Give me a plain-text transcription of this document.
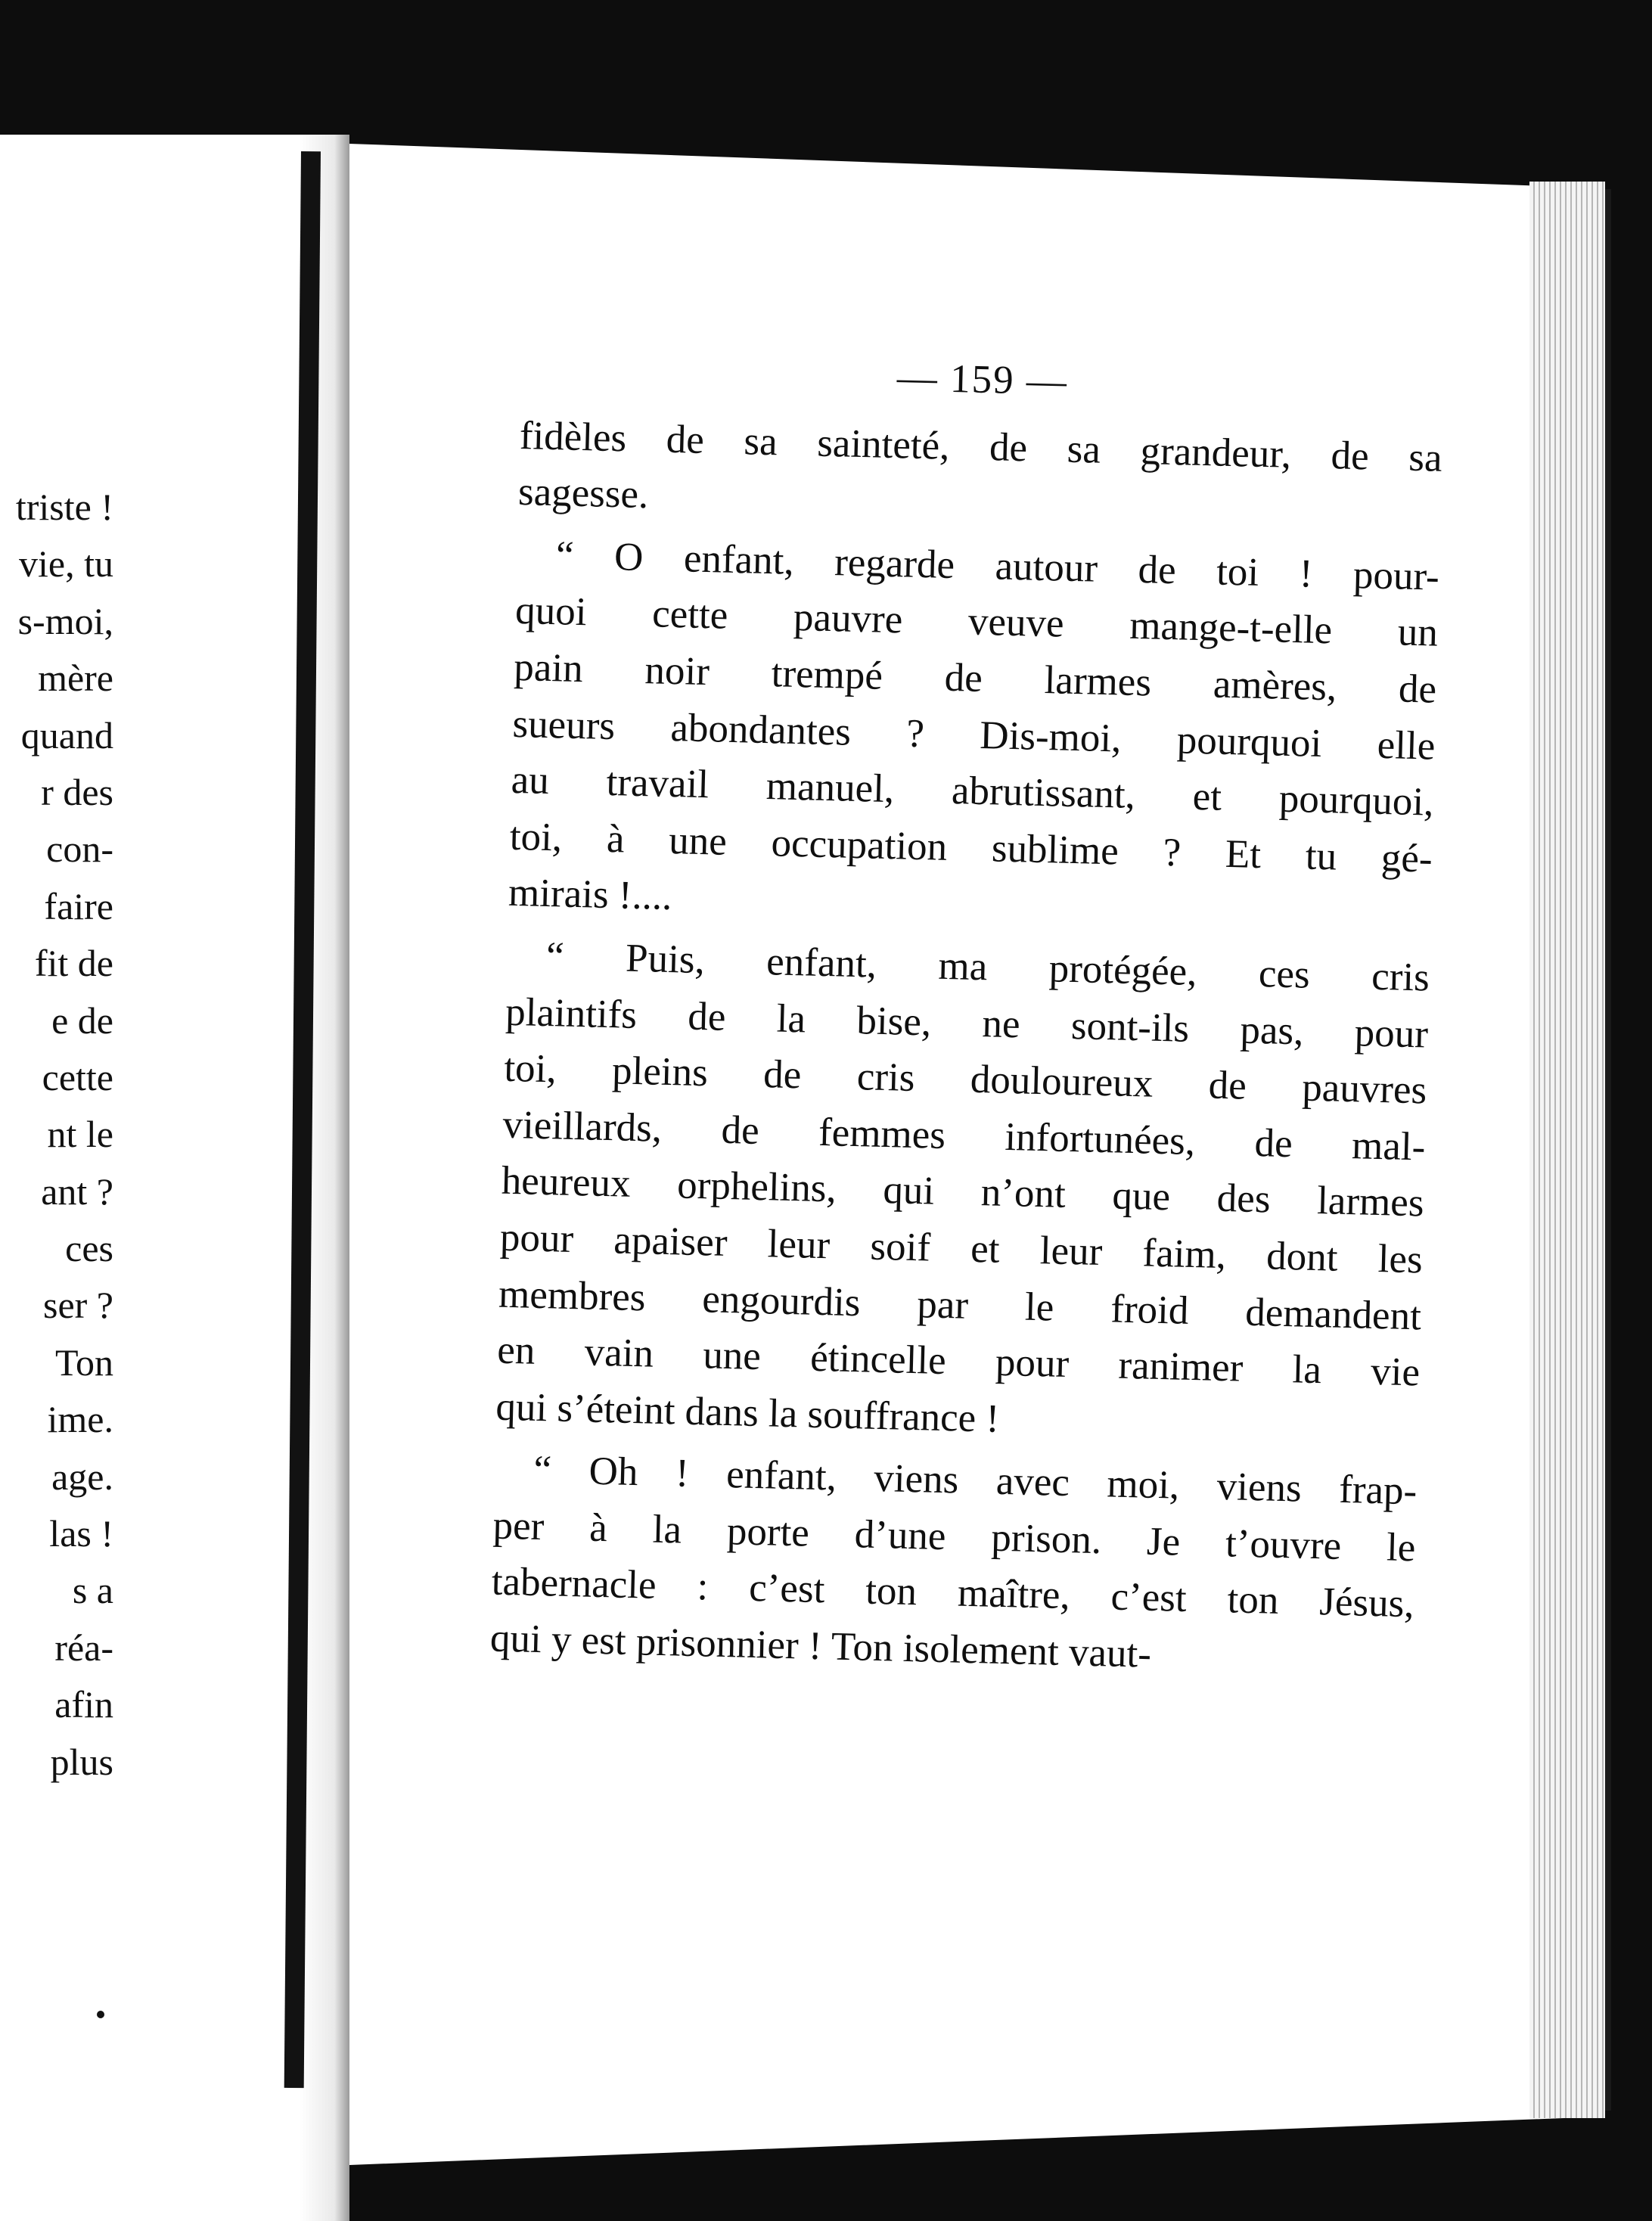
triste !
vie, tu
s-moi,
mère
quand
r des
con-
faire
fit de
e de
cette
nt le
ant ?
ces
ser ?
Ton
ime.
age.
las !
s a
réa-
afin
plus
— 159 —
fidèles de sa sainteté, de sa grandeur, de sa
sagesse.
“ O enfant, regarde autour de toi ! pour-
quoi cette pauvre veuve mange-t-elle un
pain noir trempé de larmes amères, de
sueurs abondantes ? Dis-moi, pourquoi elle
au travail manuel, abrutissant, et pourquoi,
toi, à une occupation sublime ? Et tu gé-
mirais !....
“ Puis, enfant, ma protégée, ces cris
plaintifs de la bise, ne sont-ils pas, pour
toi, pleins de cris douloureux de pauvres
vieillards, de femmes infortunées, de mal-
heureux orphelins, qui n’ont que des larmes
pour apaiser leur soif et leur faim, dont les
membres engourdis par le froid demandent
en vain une étincelle pour ranimer la vie
qui s’éteint dans la souffrance !
“ Oh ! enfant, viens avec moi, viens frap-
per à la porte d’une prison. Je t’ouvre le
tabernacle : c’est ton maître, c’est ton Jésus,
qui y est prisonnier ! Ton isolement vaut-
